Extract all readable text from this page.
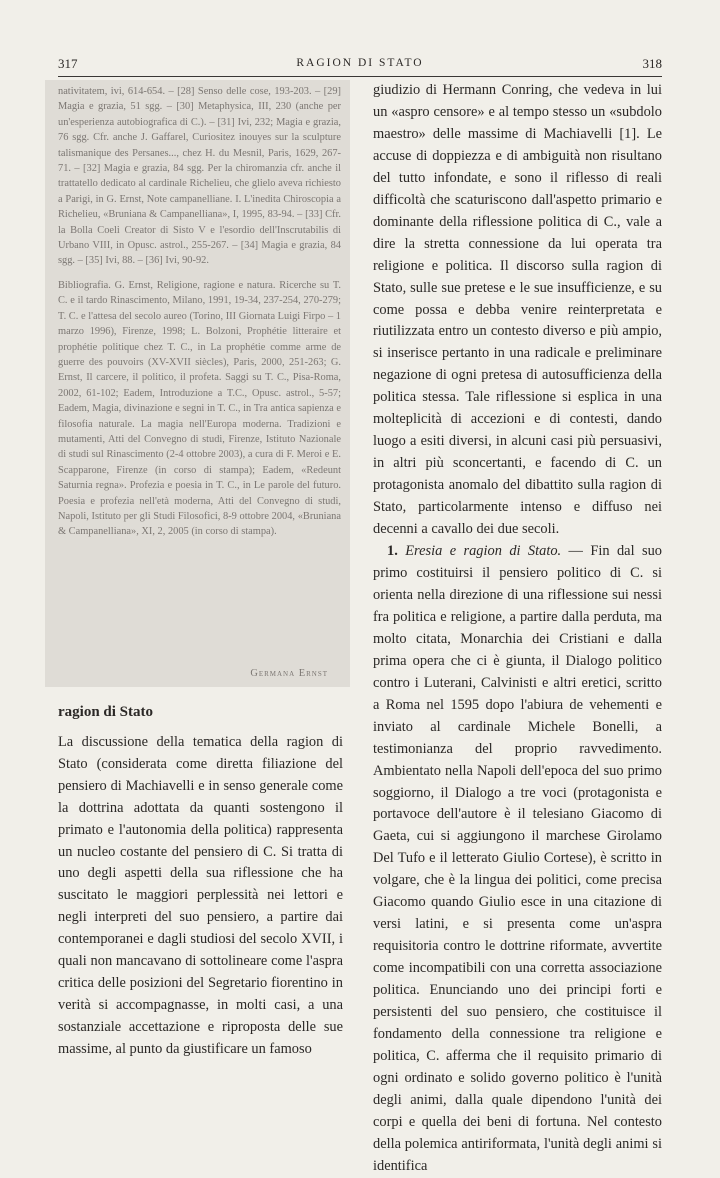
317	RAGION DI STATO	318

nativitatem, ivi, 614-654. – [28] Senso delle cose, 193-203. – [29] Magia e grazia, 51 sgg. – [30] Metaphysica, III, 230 (anche per un'esperienza autobiografica di C.). – [31] Ivi, 232; Magia e grazia, 76 sgg. Cfr. anche J. Gaffarel, Curiositez inouyes sur la sculpture talismanique des Persanes..., chez H. du Mesnil, Paris, 1629, 267-71. – [32] Magia e grazia, 84 sgg. Per la chiromanzia cfr. anche il trattatello dedicato al cardinale Richelieu, che glielo aveva richiesto a Parigi, in G. Ernst, Note campanelliane. I. L'inedita Chiroscopia a Richelieu, «Bruniana & Campanelliana», I, 1995, 83-94. – [33] Cfr. la Bolla Coeli Creator di Sisto V e l'esordio dell'Inscrutabilis di Urbano VIII, in Opusc. astrol., 255-267. – [34] Magia e grazia, 84 sgg. – [35] Ivi, 88. – [36] Ivi, 90-92.

Bibliografia. G. Ernst, Religione, ragione e natura. Ricerche su T. C. e il tardo Rinascimento, Milano, 1991, 19-34, 237-254, 270-279; T. C. e l'attesa del secolo aureo (Torino, III Giornata Luigi Firpo – 1 marzo 1996), Firenze, 1998; L. Bolzoni, Prophétie litteraire et prophétie politique chez T. C., in La prophétie comme arme de guerre des pouvoirs (XV-XVII siècles), Paris, 2000, 251-263; G. Ernst, Il carcere, il politico, il profeta. Saggi su T. C., Pisa-Roma, 2002, 61-102; Eadem, Introduzione a T.C., Opusc. astrol., 5-57; Eadem, Magia, divinazione e segni in T. C., in Tra antica sapienza e filosofia naturale. La magia nell'Europa moderna. Tradizioni e mutamenti, Atti del Convegno di studi, Firenze, Istituto Nazionale di studi sul Rinascimento (2-4 ottobre 2003), a cura di F. Meroi e E. Scapparone, Firenze (in corso di stampa); Eadem, «Redeunt Saturnia regna». Profezia e poesia in T. C., in Le parole del futuro. Poesia e profezia nell'età moderna, Atti del Convegno di studi, Napoli, Istituto per gli Studi Filosofici, 8-9 ottobre 2004, «Bruniana & Campanelliana», XI, 2, 2005 (in corso di stampa).

Germana Ernst
ragion di Stato

La discussione della tematica della ragion di Stato (considerata come diretta filiazione del pensiero di Machiavelli e in senso generale come la dottrina adottata da quanti sostengono il primato e l'autonomia della politica) rappresenta un nucleo costante del pensiero di C. Si tratta di uno degli aspetti della sua riflessione che ha suscitato le maggiori perplessità nei lettori e negli interpreti del suo pensiero, a partire dai contemporanei e dagli studiosi del secolo XVII, i quali non mancavano di sottolineare come l'aspra critica delle posizioni del Segretario fiorentino in verità si accompagnasse, in molti casi, a una sostanziale accettazione e riproposta delle sue massime, al punto da giustificare un famoso

giudizio di Hermann Conring, che vedeva in lui un «aspro censore» e al tempo stesso un «subdolo maestro» delle massime di Machiavelli [1]. Le accuse di doppiezza e di ambiguità non risultano del tutto infondate, e sono il riflesso di reali difficoltà che scaturiscono dall'aspetto primario e dominante della riflessione politica di C., vale a dire la stretta connessione da lui operata tra religione e politica. Il discorso sulla ragion di Stato, sulle sue pretese e le sue insufficienze, e su come possa e debba venire reinterpretata e riutilizzata entro un contesto diverso e più ampio, si inserisce pertanto in una radicale e preliminare negazione di ogni pretesa di autosufficienza della politica stessa. Tale riflessione si esplica in una molteplicità di accezioni e di contesti, dando luogo a esiti diversi, in alcuni casi più persuasivi, in altri più sconcertanti, e facendo di C. un protagonista anomalo del dibattito sulla ragion di Stato, particolarmente intenso e diffuso nei decenni a cavallo dei due secoli.

1. Eresia e ragion di Stato. — Fin dal suo primo costituirsi il pensiero politico di C. si orienta nella direzione di una riflessione sui nessi fra politica e religione, a partire dalla perduta, ma molto citata, Monarchia dei Cristiani e dalla prima opera che ci è giunta, il Dialogo politico contro i Luterani, Calvinisti e altri eretici, scritto a Roma nel 1595 dopo l'abiura de vehementi e inviato al cardinale Michele Bonelli, a testimonianza del proprio ravvedimento. Ambientato nella Napoli dell'epoca del suo primo soggiorno, il Dialogo a tre voci (protagonista e portavoce dell'autore è il telesiano Giacomo di Gaeta, cui si aggiungono il marchese Girolamo Del Tufo e il letterato Giulio Cortese), è scritto in volgare, che è la lingua dei politici, come precisa Giacomo quando Giulio esce in una citazione di versi latini, e si presenta come un'aspra requisitoria contro le dottrine riformate, avvertite come incompatibili con una corretta associazione politica. Enunciando uno dei principi forti e persistenti del suo pensiero, che costituisce il fondamento della connessione tra religione e politica, C. afferma che il requisito primario di ogni ordinato e solido governo politico è l'unità degli animi, dalla quale dipendono l'unità dei corpi e quella dei beni di fortuna. Nel contesto della polemica antiriformata, l'unità degli animi si identifica
